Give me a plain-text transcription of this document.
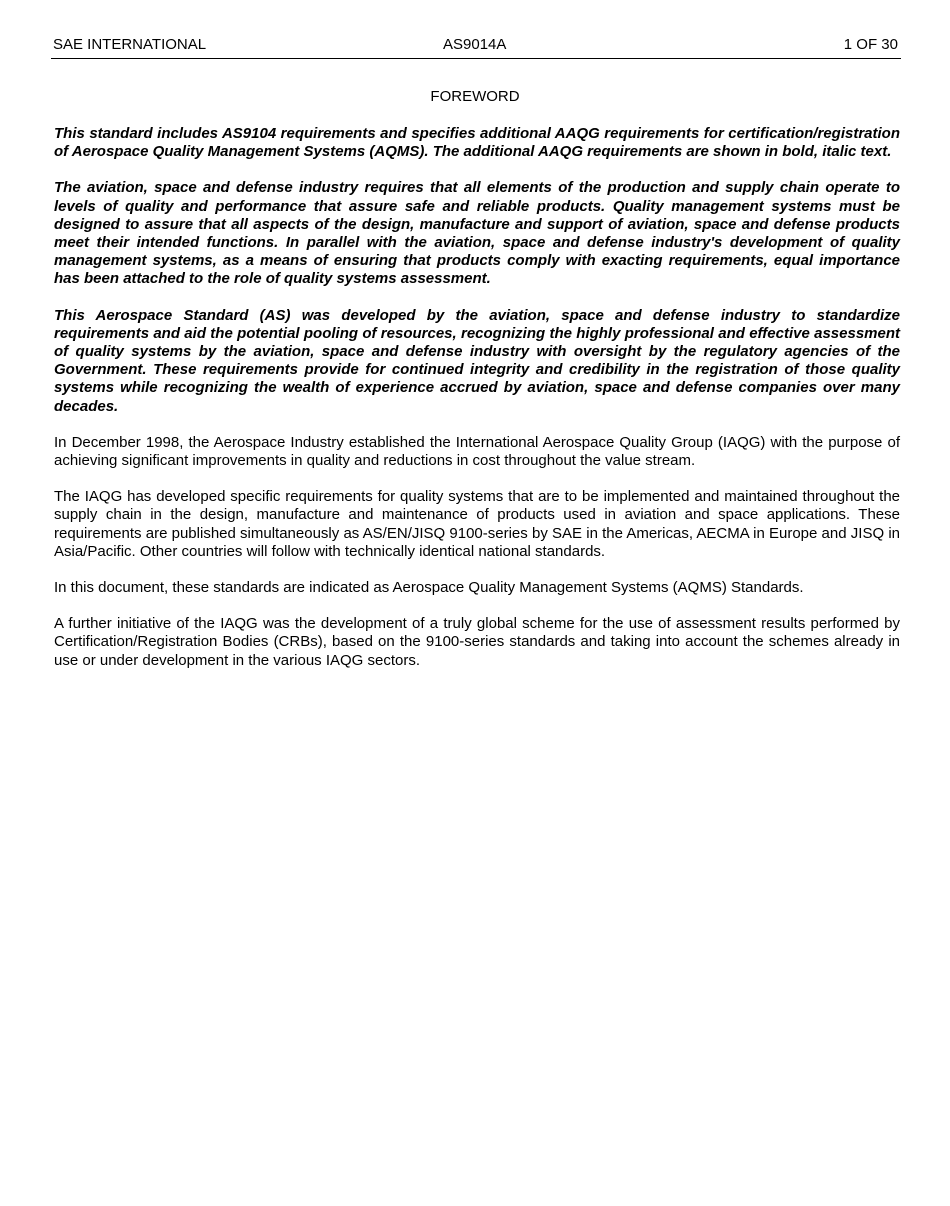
SAE INTERNATIONAL	AS9014A	1 OF 30
FOREWORD

This standard includes AS9104 requirements and specifies additional AAQG requirements for certification/registration of Aerospace Quality Management Systems (AQMS). The additional AAQG requirements are shown in bold, italic text.

The aviation, space and defense industry requires that all elements of the production and supply chain operate to levels of quality and performance that assure safe and reliable products. Quality management systems must be designed to assure that all aspects of the design, manufacture and support of aviation, space and defense products meet their intended functions. In parallel with the aviation, space and defense industry's development of quality management systems, as a means of ensuring that products comply with exacting requirements, equal importance has been attached to the role of quality systems assessment.

This Aerospace Standard (AS) was developed by the aviation, space and defense industry to standardize requirements and aid the potential pooling of resources, recognizing the highly professional and effective assessment of quality systems by the aviation, space and defense industry with oversight by the regulatory agencies of the Government. These requirements provide for continued integrity and credibility in the registration of those quality systems while recognizing the wealth of experience accrued by aviation, space and defense companies over many decades.

In December 1998, the Aerospace Industry established the International Aerospace Quality Group (IAQG) with the purpose of achieving significant improvements in quality and reductions in cost throughout the value stream.

The IAQG has developed specific requirements for quality systems that are to be implemented and maintained throughout the supply chain in the design, manufacture and maintenance of products used in aviation and space applications. These requirements are published simultaneously as AS/EN/JISQ 9100-series by SAE in the Americas, AECMA in Europe and JISQ in Asia/Pacific. Other countries will follow with technically identical national standards.

In this document, these standards are indicated as Aerospace Quality Management Systems (AQMS) Standards.

A further initiative of the IAQG was the development of a truly global scheme for the use of assessment results performed by Certification/Registration Bodies (CRBs), based on the 9100-series standards and taking into account the schemes already in use or under development in the various IAQG sectors.
